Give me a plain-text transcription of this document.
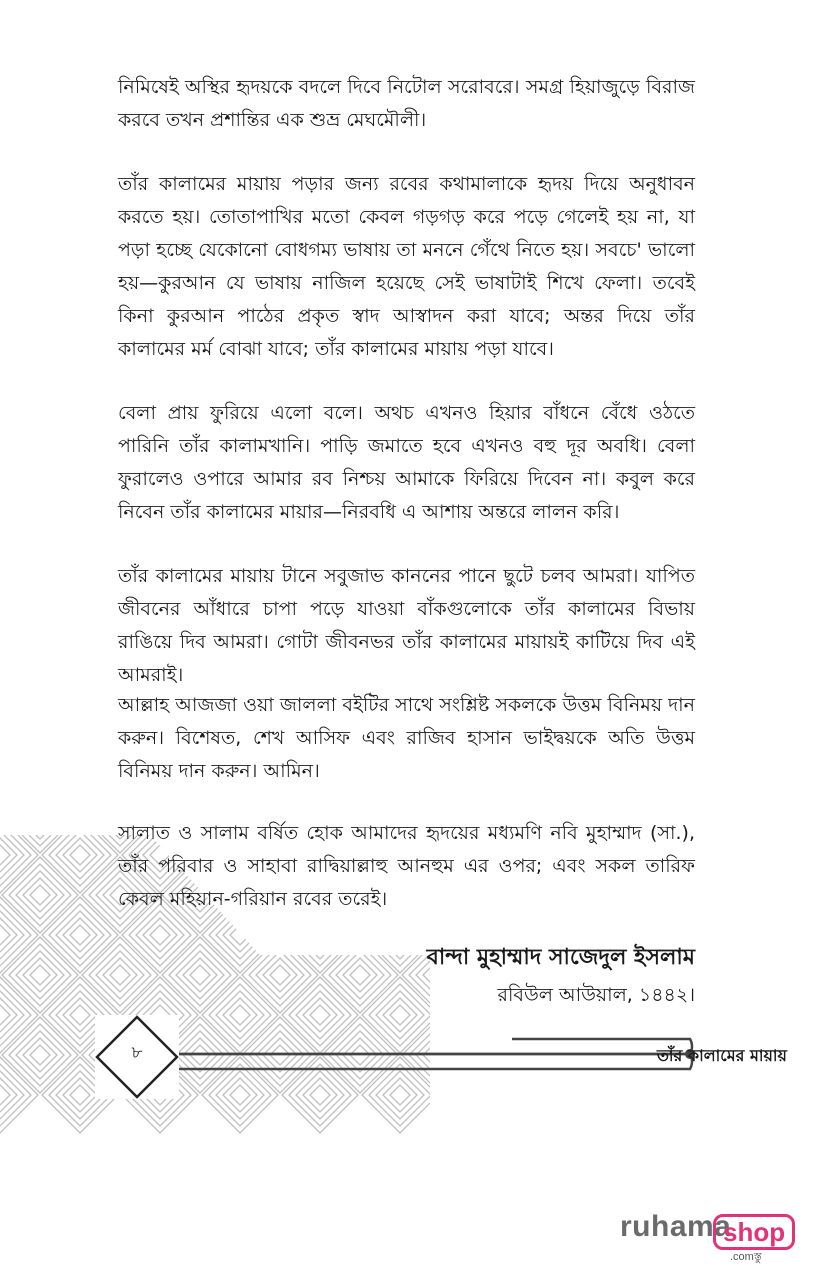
নিমিষেই অস্থির হৃদয়কে বদলে দিবে নিটোল সরোবরে। সমগ্র হিয়াজুড়ে বিরাজ করবে তখন প্রশান্তির এক শুভ্র মেঘমৌলী।

তাঁর কালামের মায়ায় পড়ার জন্য রবের কথামালাকে হৃদয় দিয়ে অনুধাবন করতে হয়। তোতাপাখির মতো কেবল গড়গড় করে পড়ে গেলেই হয় না, যা পড়া হচ্ছে যেকোনো বোধগম্য ভাষায় তা মননে গেঁথে নিতে হয়। সবচে' ভালো হয়—কুরআন যে ভাষায় নাজিল হয়েছে সেই ভাষাটাই শিখে ফেলা। তবেই কিনা কুরআন পাঠের প্রকৃত স্বাদ আস্বাদন করা যাবে; অন্তর দিয়ে তাঁর কালামের মর্ম বোঝা যাবে; তাঁর কালামের মায়ায় পড়া যাবে।

বেলা প্রায় ফুরিয়ে এলো বলে। অথচ এখনও হিয়ার বাঁধনে বেঁধে ওঠতে পারিনি তাঁর কালামখানি। পাড়ি জমাতে হবে এখনও বহু দূর অবধি। বেলা ফুরালেও ওপারে আমার রব নিশ্চয় আমাকে ফিরিয়ে দিবেন না। কবুল করে নিবেন তাঁর কালামের মায়ার—নিরবধি এ আশায় অন্তরে লালন করি।

তাঁর কালামের মায়ায় টানে সবুজাভ কাননের পানে ছুটে চলব আমরা। যাপিত জীবনের আঁধারে চাপা পড়ে যাওয়া বাঁকগুলোকে তাঁর কালামের বিভায় রাঙিয়ে দিব আমরা। গোটা জীবনভর তাঁর কালামের মায়ায়ই কাটিয়ে দিব এই আমরাই।

আল্লাহ আজজা ওয়া জাললা বইটির সাথে সংশ্লিষ্ট সকলকে উত্তম বিনিময় দান করুন। বিশেষত, শেখ আসিফ এবং রাজিব হাসান ভাইদ্বয়কে অতি উত্তম বিনিময় দান করুন। আমিন।

সালাত ও সালাম বর্ষিত হোক আমাদের হৃদয়ের মধ্যমণি নবি মুহাম্মাদ (সা.), তাঁর পরিবার ও সাহাবা রাদ্বিয়াল্লাহু আনহুম এর ওপর; এবং সকল তারিফ কেবল মহিয়ান-গরিয়ান রবের তরেই।

বান্দা মুহাম্মাদ সাজেদুল ইসলাম

রবিউল আউয়াল, ১৪৪২।

৮	তাঁর কালামের মায়ায়

ruhama
shop
.comস্তু
